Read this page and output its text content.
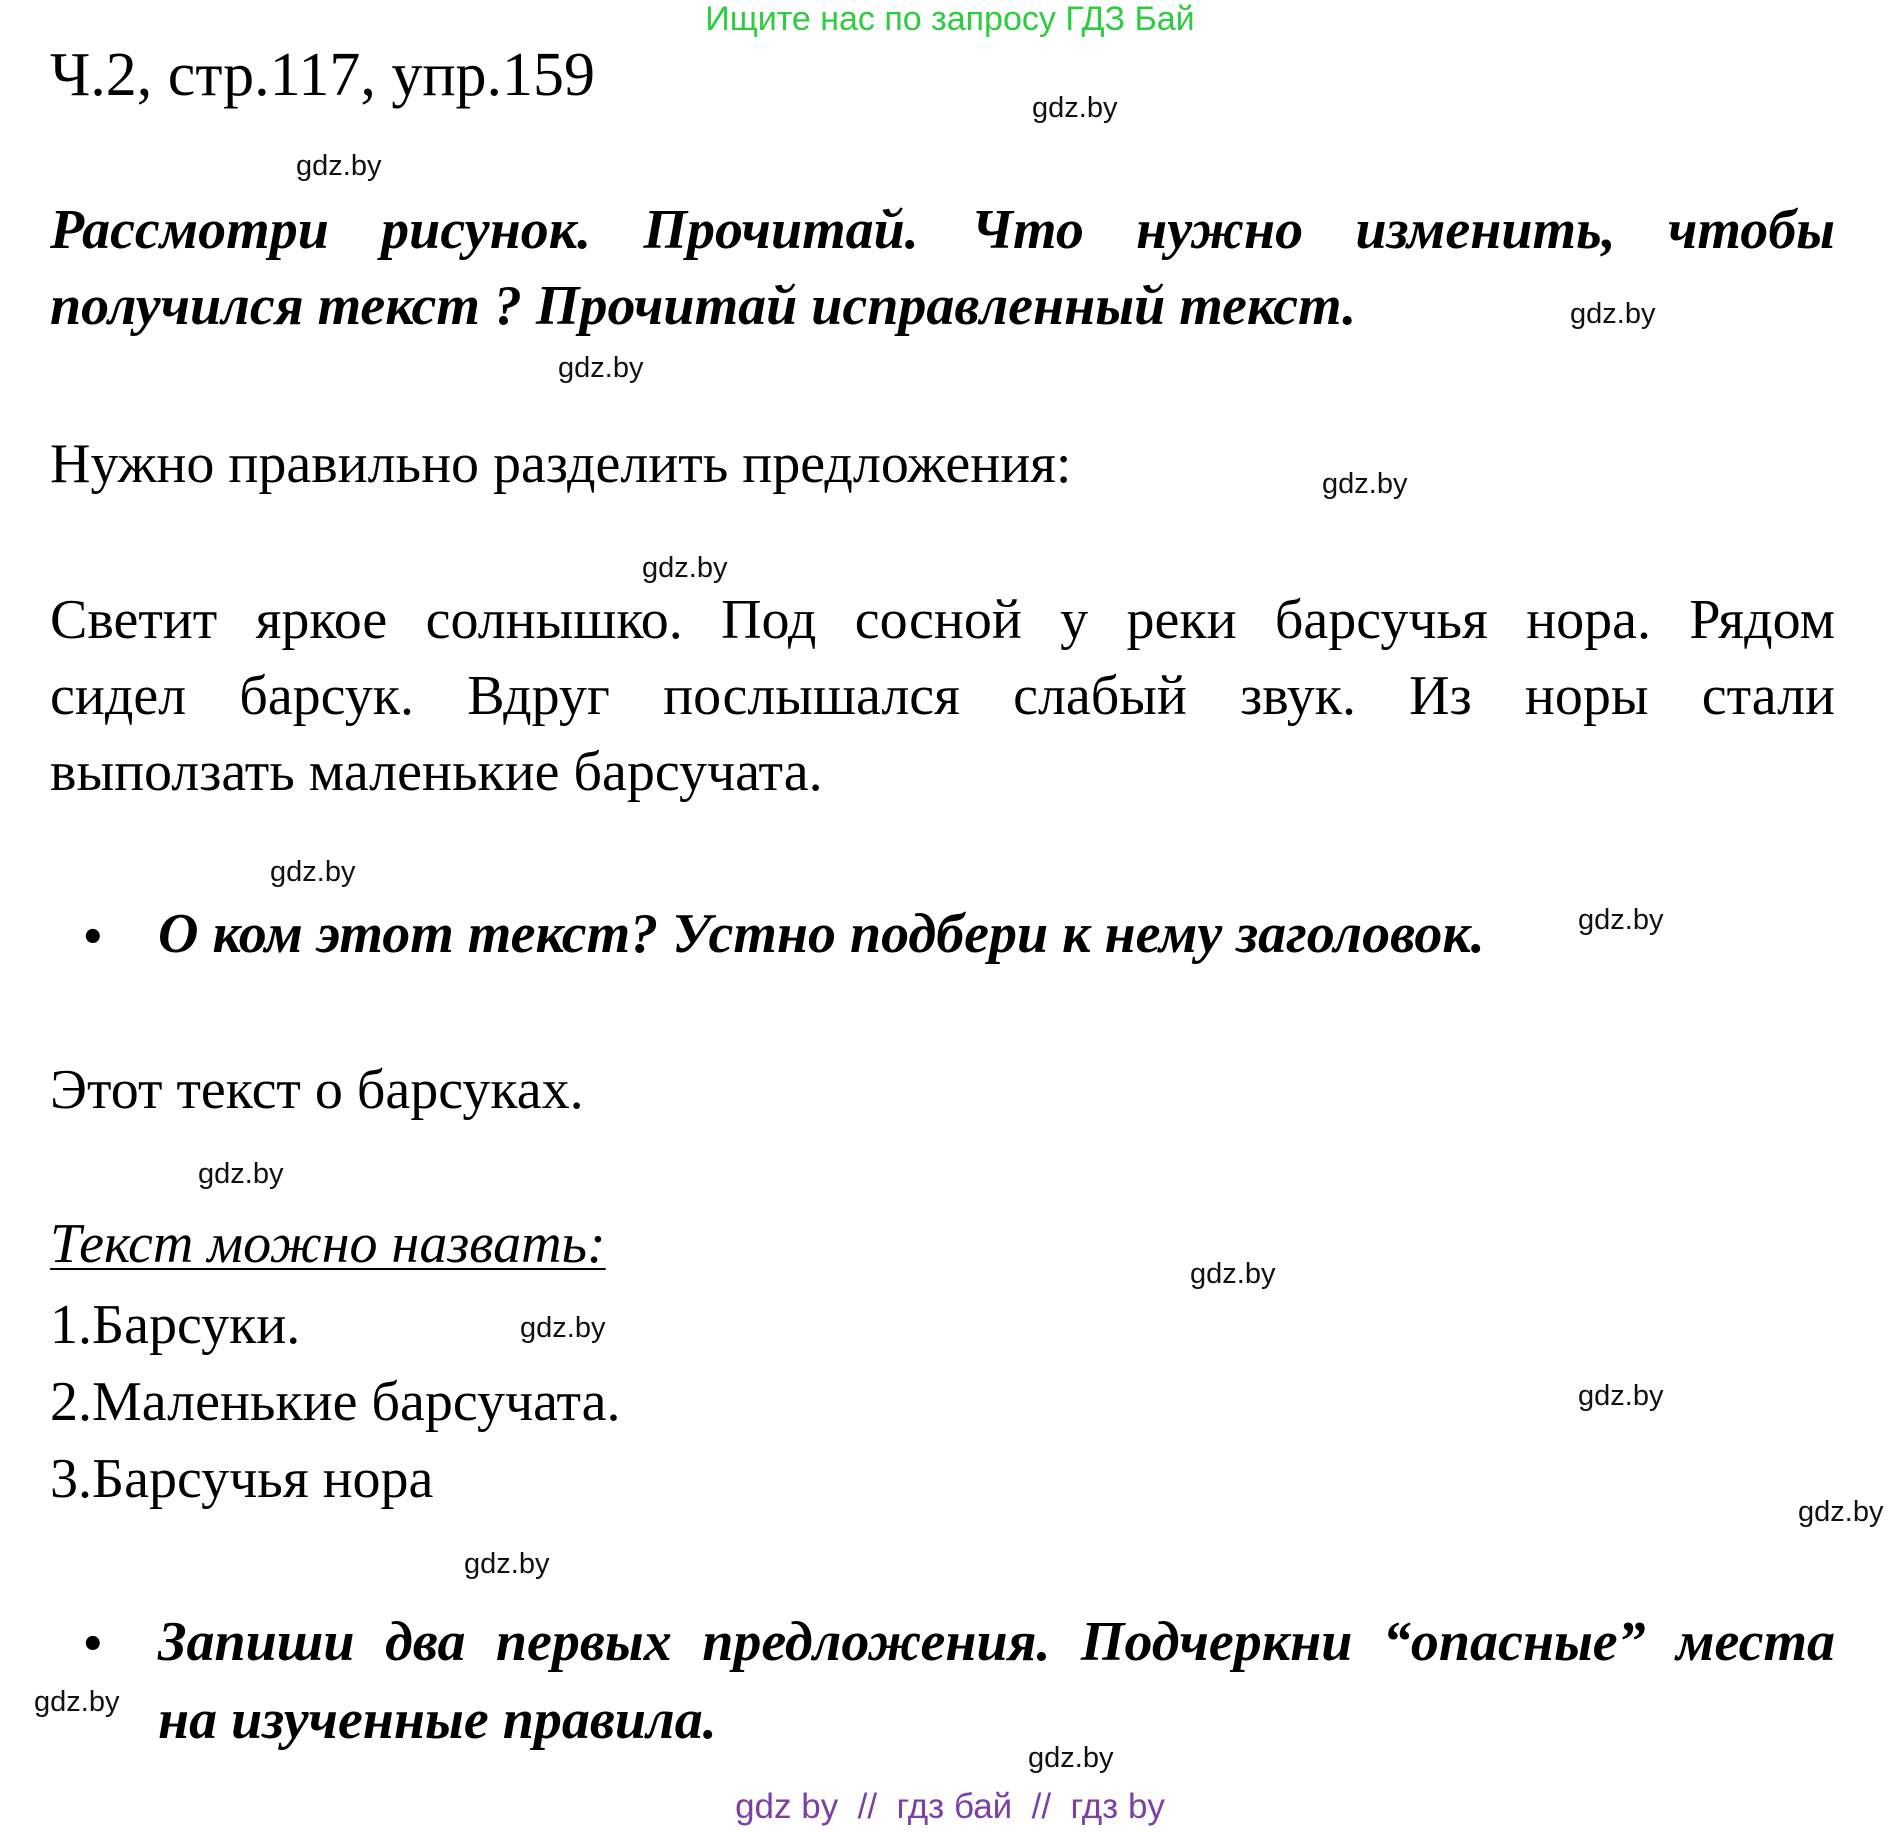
Ищите нас по запросу ГДЗ Бай
Ч.2, стр.117, упр.159
Рассмотри рисунок. Прочитай. Что нужно изменить, чтобы
получился текст ? Прочитай исправленный текст.
Нужно правильно разделить предложения:
Светит яркое солнышко. Под сосной у реки барсучья нора. Рядом
сидел барсук. Вдруг послышался слабый звук. Из норы стали
выползать маленькие барсучата.
• О ком этот текст? Устно подбери к нему заголовок.
Этот текст о барсуках.
Текст можно назвать:
1.Барсуки.
2.Маленькие барсучата.
3.Барсучья нора
• Запиши два первых предложения. Подчеркни “опасные” места
на изученные правила.
gdz.by
gdz.by
gdz.by
gdz.by
gdz.by
gdz.by
gdz.by
gdz.by
gdz.by
gdz.by
gdz.by
gdz.by
gdz.by
gdz.by
gdz.by
gdz.by
gdz by  //  гдз бай  //  гдз by
